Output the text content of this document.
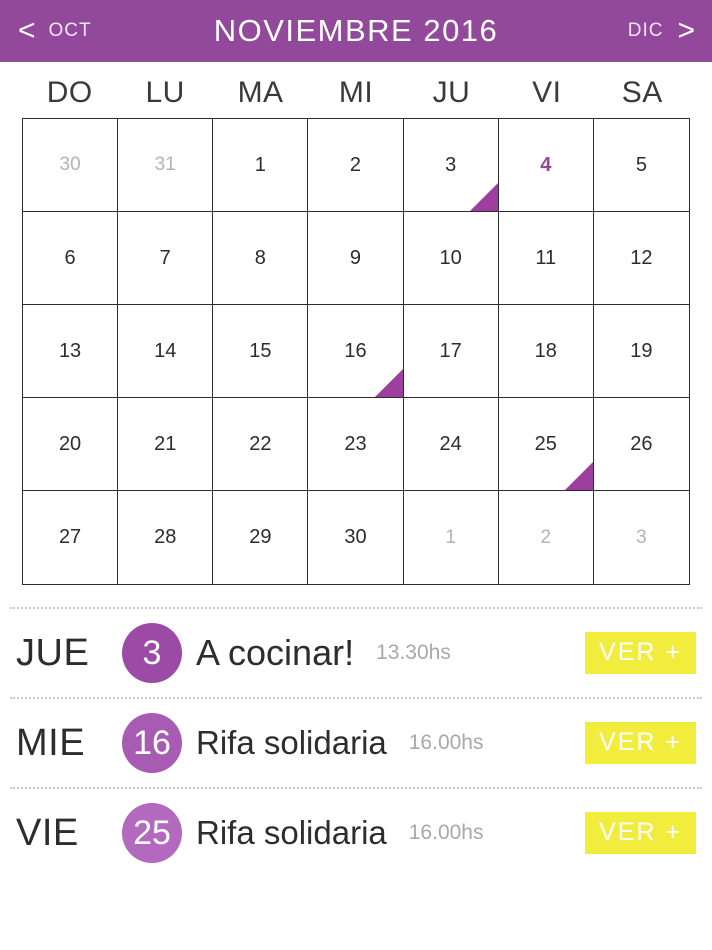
< OCT	NOVIEMBRE 2016	DIC >
DO	LU	MA	MI	JU	VI	SA
30	31	1	2	3	4	5
6	7	8	9	10	11	12
13	14	15	16	17	18	19
20	21	22	23	24	25	26
27	28	29	30	1	2	3
JUE	3 A cocinar! 13.30hs	VER +
MIE	16 Rifa solidaria 16.00hs	VER +
VIE	25 Rifa solidaria 16.00hs	VER +
